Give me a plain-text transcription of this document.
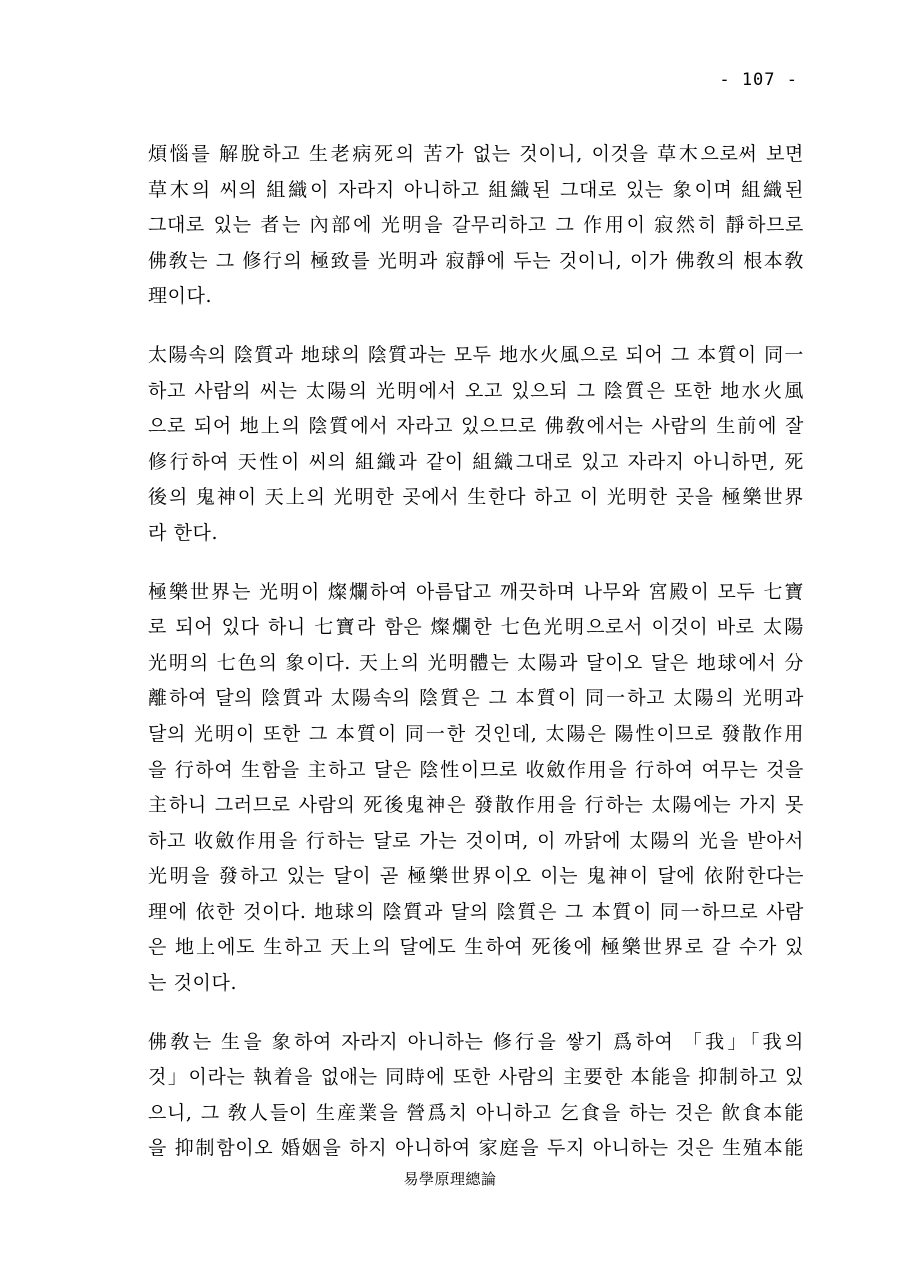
- 107 -
煩惱를 解脫하고 生老病死의 苦가 없는 것이니, 이것을 草木으로써 보면
草木의 씨의 組織이 자라지 아니하고 組織된 그대로 있는 象이며 組織된
그대로 있는 者는 內部에 光明을 갈무리하고 그 作用이 寂然히 靜하므로
佛敎는 그 修行의 極致를 光明과 寂靜에 두는 것이니, 이가 佛敎의 根本敎
理이다.
太陽속의 陰質과 地球의 陰質과는 모두 地水火風으로 되어 그 本質이 同一
하고 사람의 씨는 太陽의 光明에서 오고 있으되 그 陰質은 또한 地水火風
으로 되어 地上의 陰質에서 자라고 있으므로 佛敎에서는 사람의 生前에 잘
修行하여 天性이 씨의 組織과 같이 組織그대로 있고 자라지 아니하면, 死
後의 鬼神이 天上의 光明한 곳에서 生한다 하고 이 光明한 곳을 極樂世界
라 한다.
極樂世界는 光明이 燦爛하여 아름답고 깨끗하며 나무와 宮殿이 모두 七寶
로 되어 있다 하니 七寶라 함은 燦爛한 七色光明으로서 이것이 바로 太陽
光明의 七色의 象이다. 天上의 光明體는 太陽과 달이오 달은 地球에서 分
離하여 달의 陰質과 太陽속의 陰質은 그 本質이 同一하고 太陽의 光明과
달의 光明이 또한 그 本質이 同一한 것인데, 太陽은 陽性이므로 發散作用
을 行하여 生함을 主하고 달은 陰性이므로 收斂作用을 行하여 여무는 것을
主하니 그러므로 사람의 死後鬼神은 發散作用을 行하는 太陽에는 가지 못
하고 收斂作用을 行하는 달로 가는 것이며, 이 까닭에 太陽의 光을 받아서
光明을 發하고 있는 달이 곧 極樂世界이오 이는 鬼神이 달에 依附한다는
理에 依한 것이다. 地球의 陰質과 달의 陰質은 그 本質이 同一하므로 사람
은 地上에도 生하고 天上의 달에도 生하여 死後에 極樂世界로 갈 수가 있
는 것이다.
佛敎는 生을 象하여 자라지 아니하는 修行을 쌓기 爲하여 「我」「我의
것」이라는 執着을 없애는 同時에 또한 사람의 主要한 本能을 抑制하고 있
으니, 그 敎人들이 生産業을 營爲치 아니하고 乞食을 하는 것은 飮食本能
을 抑制함이오 婚姻을 하지 아니하여 家庭을 두지 아니하는 것은 生殖本能
易學原理總論
